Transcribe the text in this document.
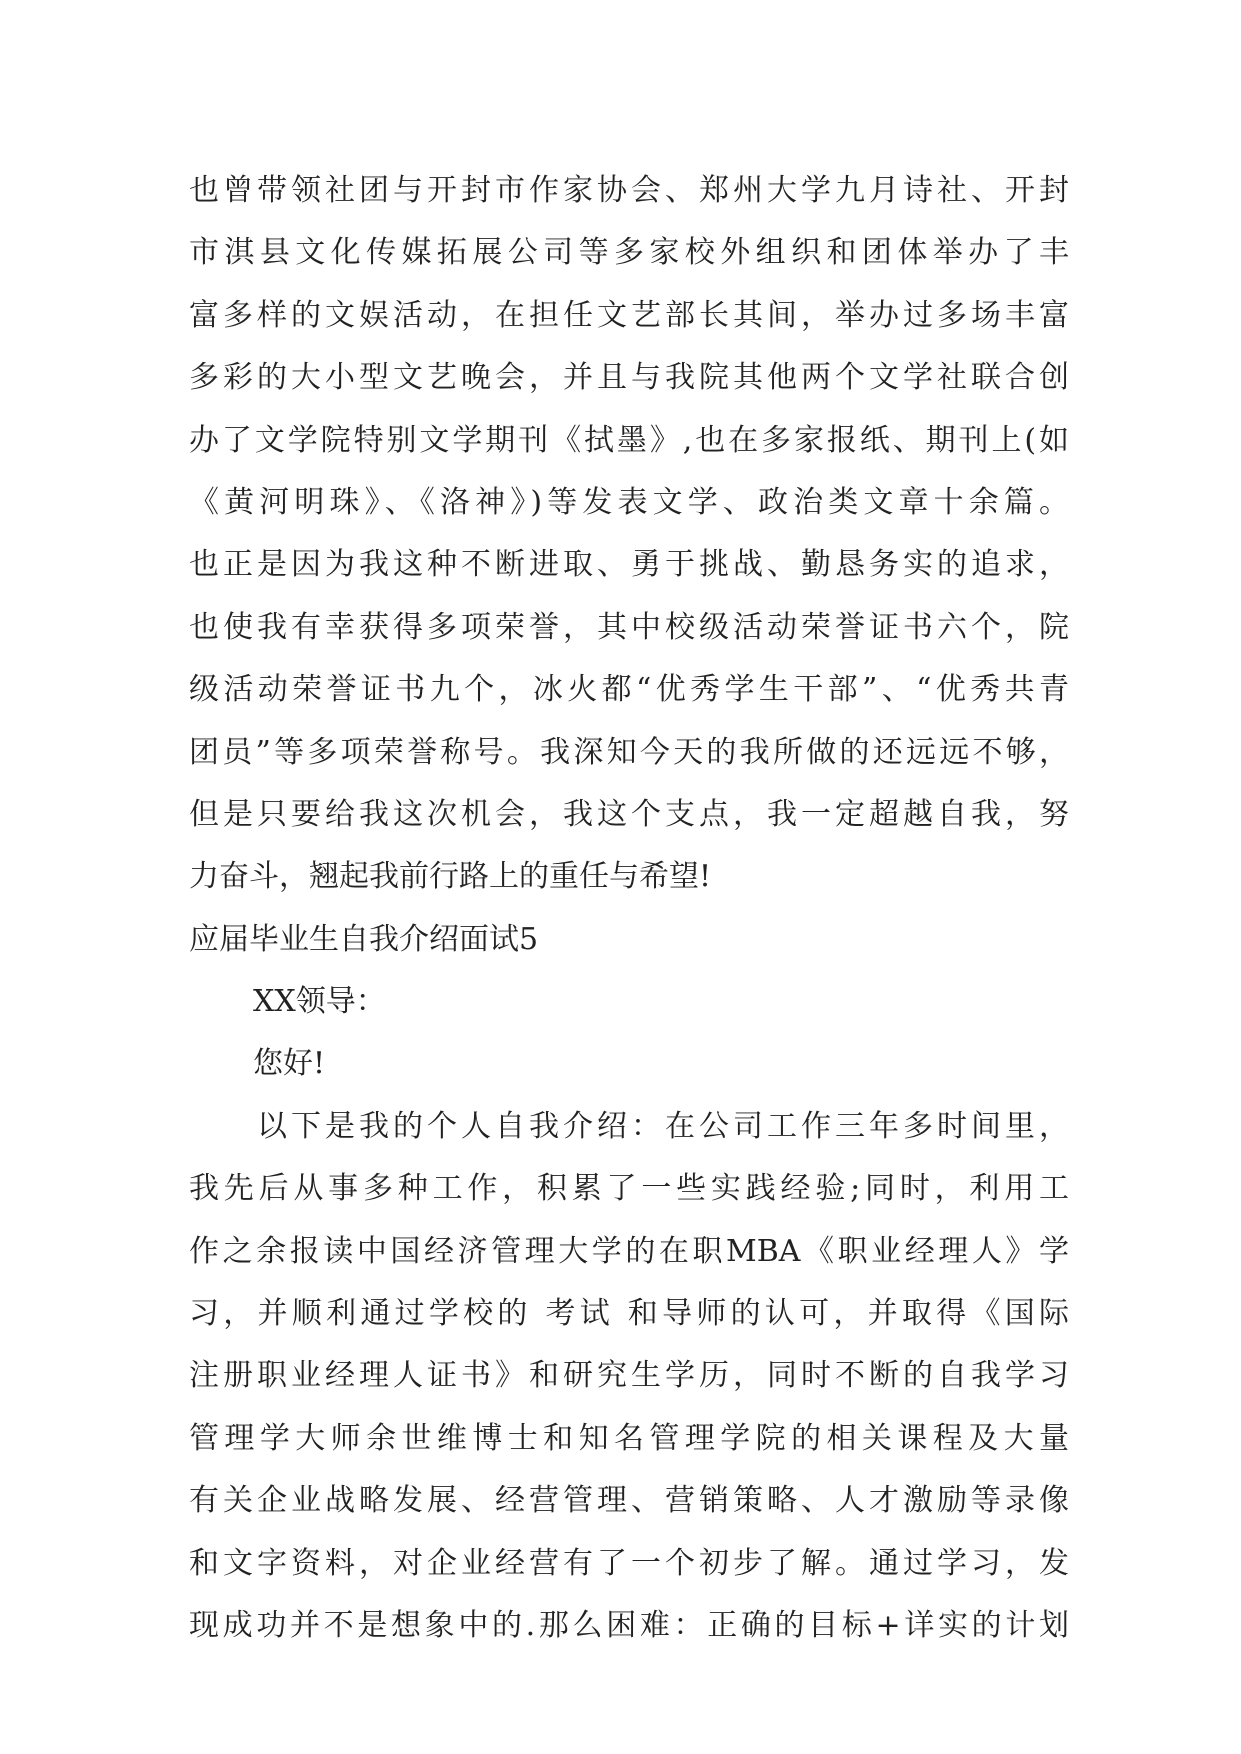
也曾带领社团与开封市作家协会、郑州大学九月诗社、开封
市淇县文化传媒拓展公司等多家校外组织和团体举办了丰
富多样的文娱活动，在担任文艺部长其间，举办过多场丰富
多彩的大小型文艺晚会，并且与我院其他两个文学社联合创
办了文学院特别文学期刊《拭墨》,也在多家报纸、期刊上(如
《黄河明珠》、《洛神》)等发表文学、政治类文章十余篇。
也正是因为我这种不断进取、勇于挑战、勤恳务实的追求，
也使我有幸获得多项荣誉，其中校级活动荣誉证书六个，院
级活动荣誉证书九个，冰火都“优秀学生干部”、“优秀共青
团员”等多项荣誉称号。我深知今天的我所做的还远远不够，
但是只要给我这次机会，我这个支点，我一定超越自我，努
力奋斗，翘起我前行路上的重任与希望!
应届毕业生自我介绍面试5
XX领导：
您好!
以下是我的个人自我介绍：在公司工作三年多时间里，
我先后从事多种工作，积累了一些实践经验;同时，利用工
作之余报读中国经济管理大学的在职MBA《职业经理人》学
习，并顺利通过学校的 考试 和导师的认可，并取得《国际
注册职业经理人证书》和研究生学历，同时不断的自我学习
管理学大师余世维博士和知名管理学院的相关课程及大量
有关企业战略发展、经营管理、营销策略、人才激励等录像
和文字资料，对企业经营有了一个初步了解。通过学习，发
现成功并不是想象中的.那么困难：正确的目标+详实的计划
